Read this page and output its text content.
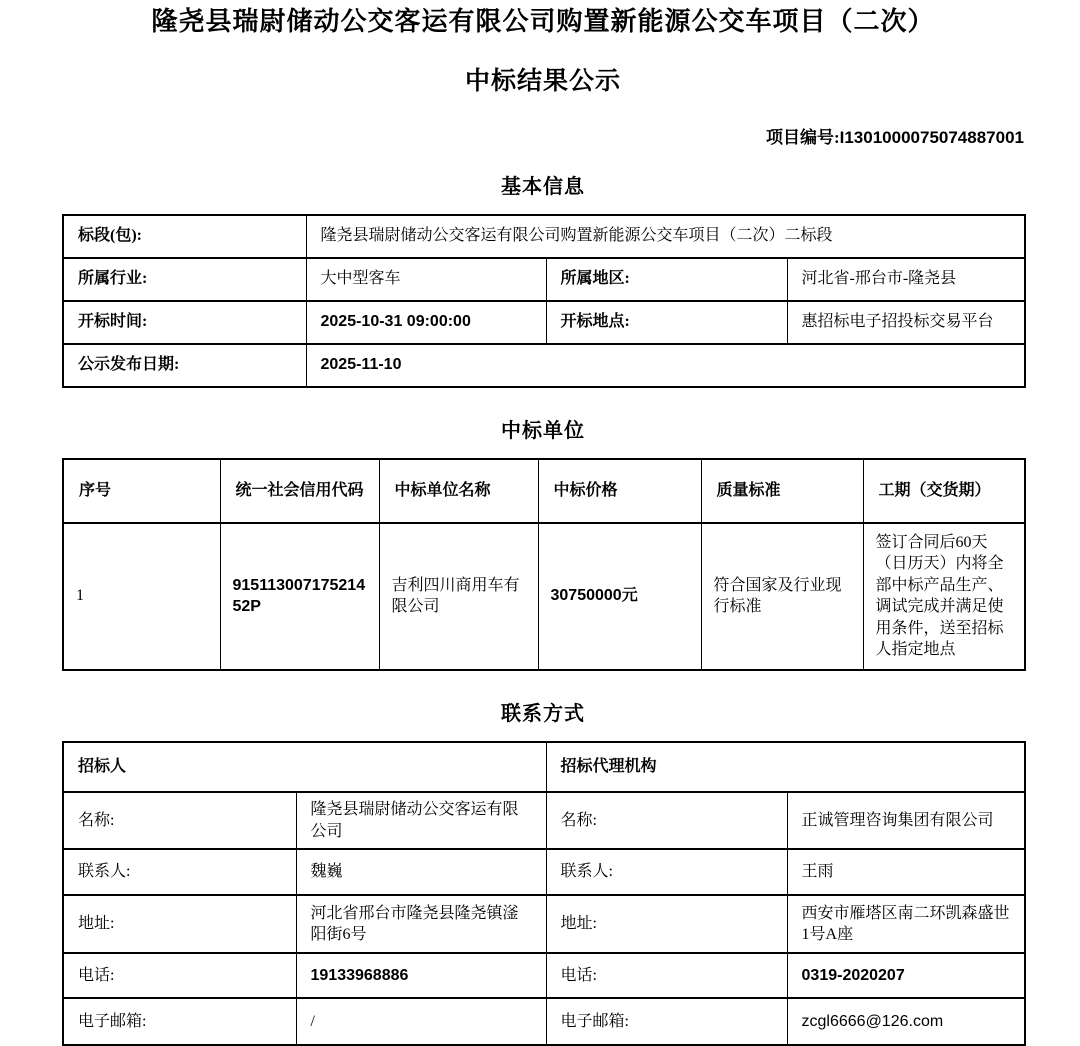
隆尧县瑞尉储动公交客运有限公司购置新能源公交车项目（二次）
中标结果公示
项目编号:I1301000075074887001
基本信息
标段(包):	隆尧县瑞尉储动公交客运有限公司购置新能源公交车项目（二次）二标段		
所属行业:	大中型客车	所属地区:	河北省-邢台市-隆尧县
开标时间:	2025-10-31 09:00:00	开标地点:	惠招标电子招投标交易平台
公示发布日期:	2025-11-10		
中标单位
序号	统一社会信用代码	中标单位名称	中标价格	质量标准	工期（交货期）
1	91511300717521452P	吉利四川商用车有限公司	30750000元	符合国家及行业现行标准	签订合同后60天（日历天）内将全部中标产品生产、调试完成并满足使用条件，送至招标人指定地点
联系方式
招标人		招标代理机构	
名称:	隆尧县瑞尉储动公交客运有限公司	名称:	正诚管理咨询集团有限公司
联系人:	魏巍	联系人:	王雨
地址:	河北省邢台市隆尧县隆尧镇滏阳街6号	地址:	西安市雁塔区南二环凯森盛世1号A座
电话:	19133968886	电话:	0319-2020207
电子邮箱:	/	电子邮箱:	zcgl6666@126.com
